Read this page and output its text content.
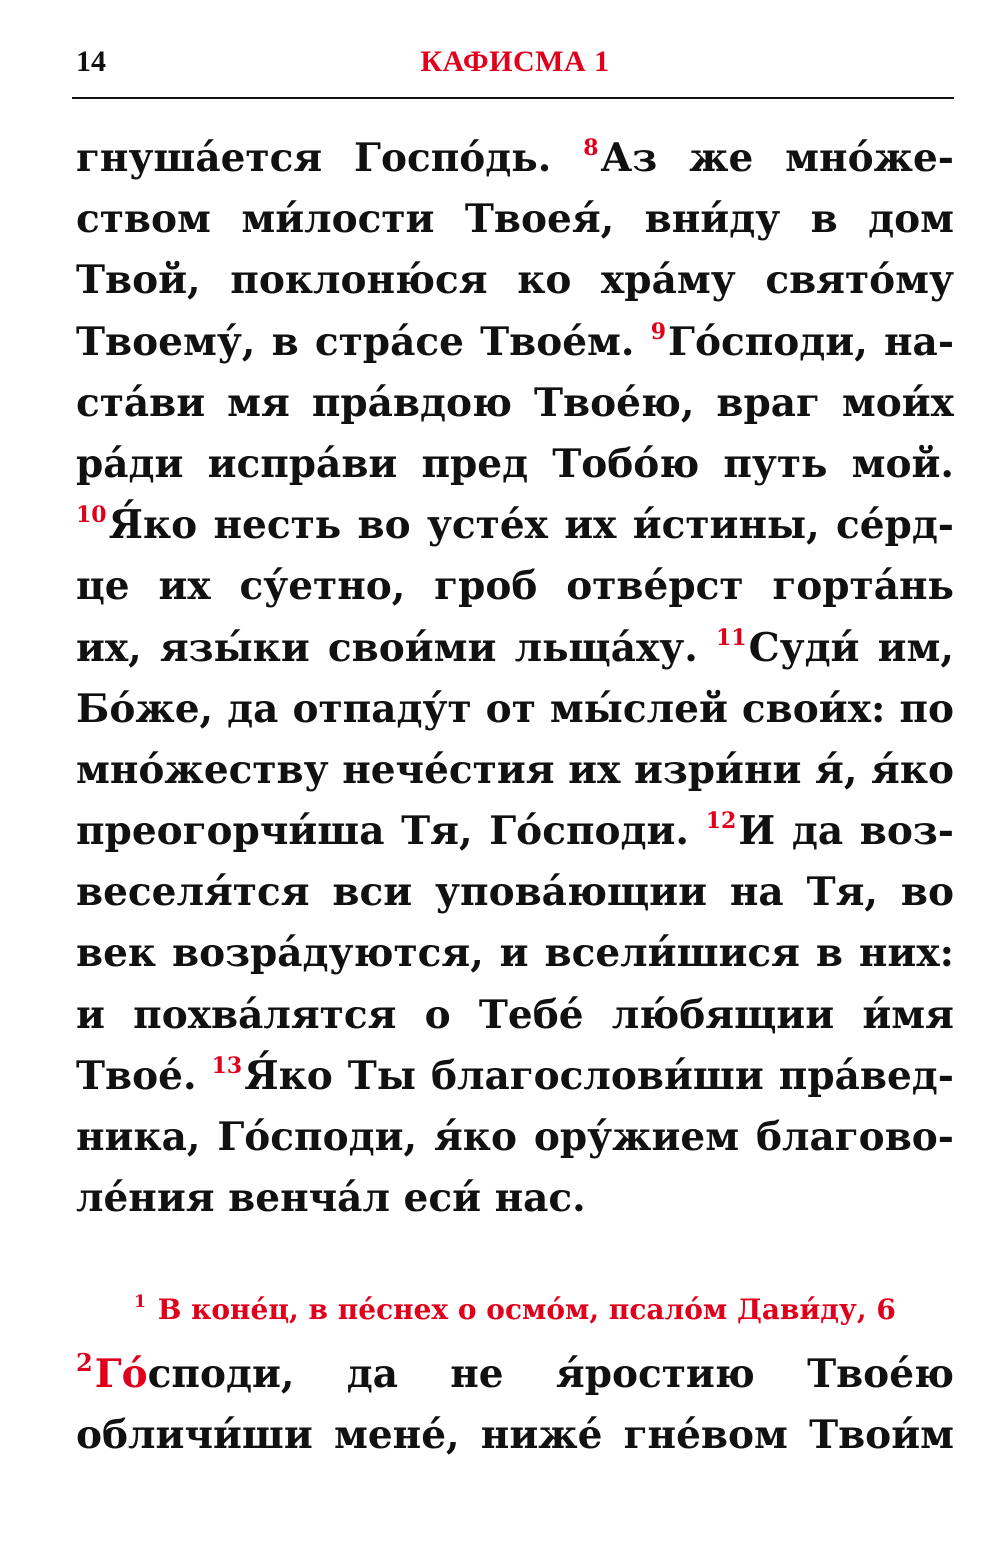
14	КАФИСМА 1
гнуша́ется Госпо́дь. $^8$Аз же мно́же-
ством ми́лости Твоея́, вни́ду в дом
Твой, поклоню́ся ко хра́му свято́му
Твоему́, в стра́се Твое́м. $^9$Го́споди, на-
ста́ви мя пра́вдою Твое́ю, враг мои́х
ра́ди испра́ви пред Тобо́ю путь мой.
$^{10}$Я́ко несть во усте́х их и́стины, се́рд-
це их су́етно, гроб отве́рст горта́нь
их, язы́ки свои́ми льща́ху. $^{11}$Суди́ им,
Бо́же, да отпаду́т от мы́слей свои́х: по
мно́жеству нече́стия их изри́ни я́, я́ко
преогорчи́ша Тя, Го́споди. $^{12}$И да воз-
веселя́тся вси упова́ющии на Тя, во
век возра́дуются, и всели́шися в них:
и похва́лятся о Тебе́ лю́бящии и́мя
Твое́. $^{13}$Я́ко Ты благослови́ши пра́вед-
ника, Го́споди, я́ко ору́жием благово-
ле́ния венча́л еси́ нас.
$^1$ В коне́ц, в пе́снех о осмо́м, псало́м Дави́ду, 6
$^2$Го́споди, да не я́ростию Твое́ю
обличи́ши мене́, ниже́ гне́вом Твои́м
